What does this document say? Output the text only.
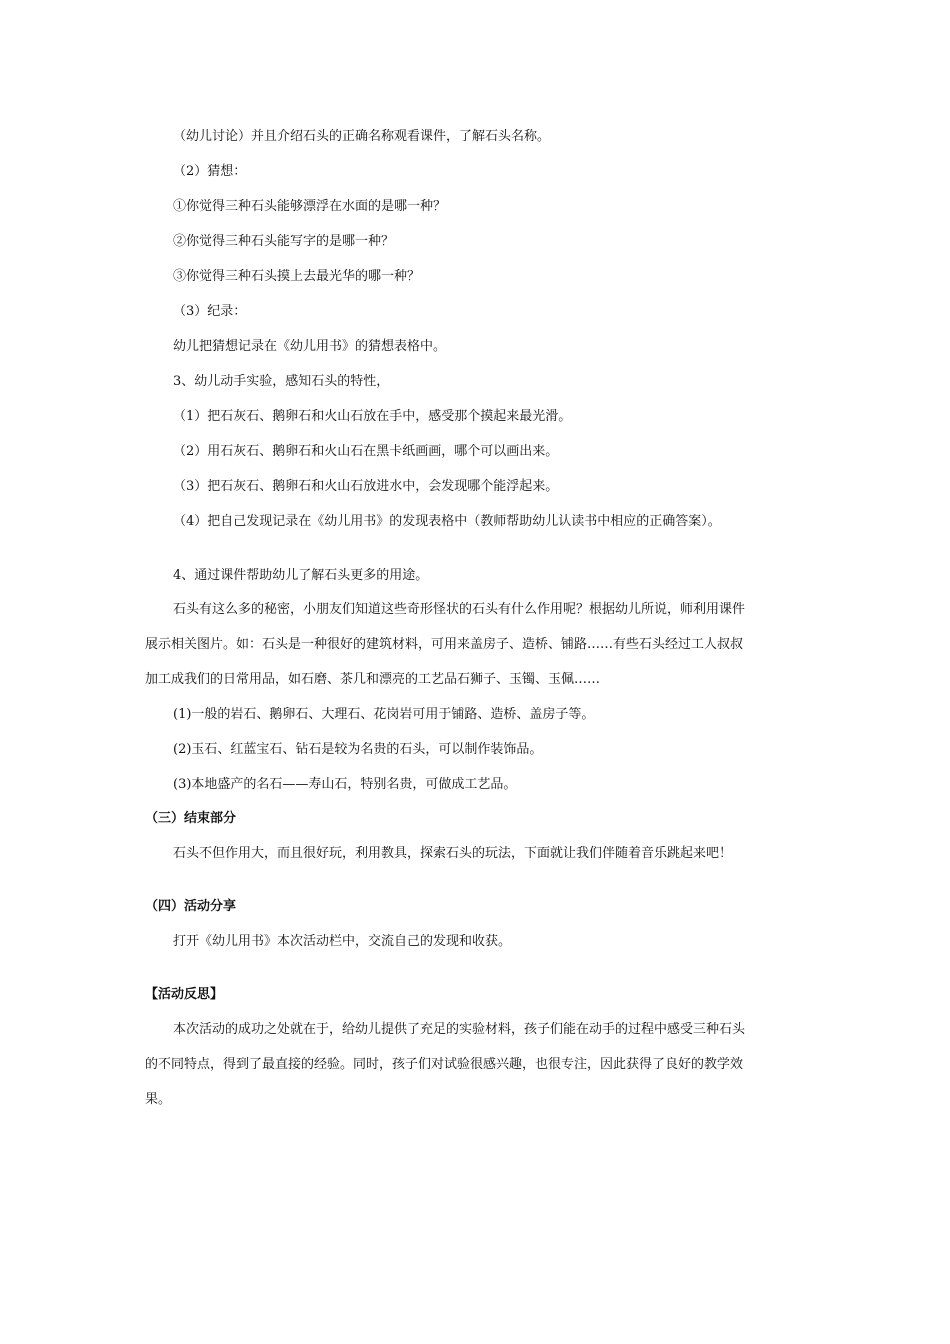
（幼儿讨论）并且介绍石头的正确名称观看课件，了解石头名称。
（2）猜想：
①你觉得三种石头能够漂浮在水面的是哪一种？
②你觉得三种石头能写字的是哪一种？
③你觉得三种石头摸上去最光华的哪一种？
（3）纪录：
幼儿把猜想记录在《幼儿用书》的猜想表格中。
3、幼儿动手实验，感知石头的特性，
（1）把石灰石、鹅卵石和火山石放在手中，感受那个摸起来最光滑。
（2）用石灰石、鹅卵石和火山石在黑卡纸画画，哪个可以画出来。
（3）把石灰石、鹅卵石和火山石放进水中，会发现哪个能浮起来。
（4）把自己发现记录在《幼儿用书》的发现表格中（教师帮助幼儿认读书中相应的正确答案）。
4、通过课件帮助幼儿了解石头更多的用途。
石头有这么多的秘密，小朋友们知道这些奇形怪状的石头有什么作用呢？根据幼儿所说，师利用课件
展示相关图片。如：石头是一种很好的建筑材料，可用来盖房子、造桥、铺路……有些石头经过工人叔叔
加工成我们的日常用品，如石磨、茶几和漂亮的工艺品石狮子、玉镯、玉佩……
(1)一般的岩石、鹅卵石、大理石、花岗岩可用于铺路、造桥、盖房子等。
(2)玉石、红蓝宝石、钻石是较为名贵的石头，可以制作装饰品。
(3)本地盛产的名石——寿山石，特别名贵，可做成工艺品。
（三）结束部分
石头不但作用大，而且很好玩，利用教具，探索石头的玩法，下面就让我们伴随着音乐跳起来吧！
（四）活动分享
打开《幼儿用书》本次活动栏中，交流自己的发现和收获。
【活动反思】
本次活动的成功之处就在于，给幼儿提供了充足的实验材料，孩子们能在动手的过程中感受三种石头
的不同特点，得到了最直接的经验。同时，孩子们对试验很感兴趣，也很专注，因此获得了良好的教学效
果。
